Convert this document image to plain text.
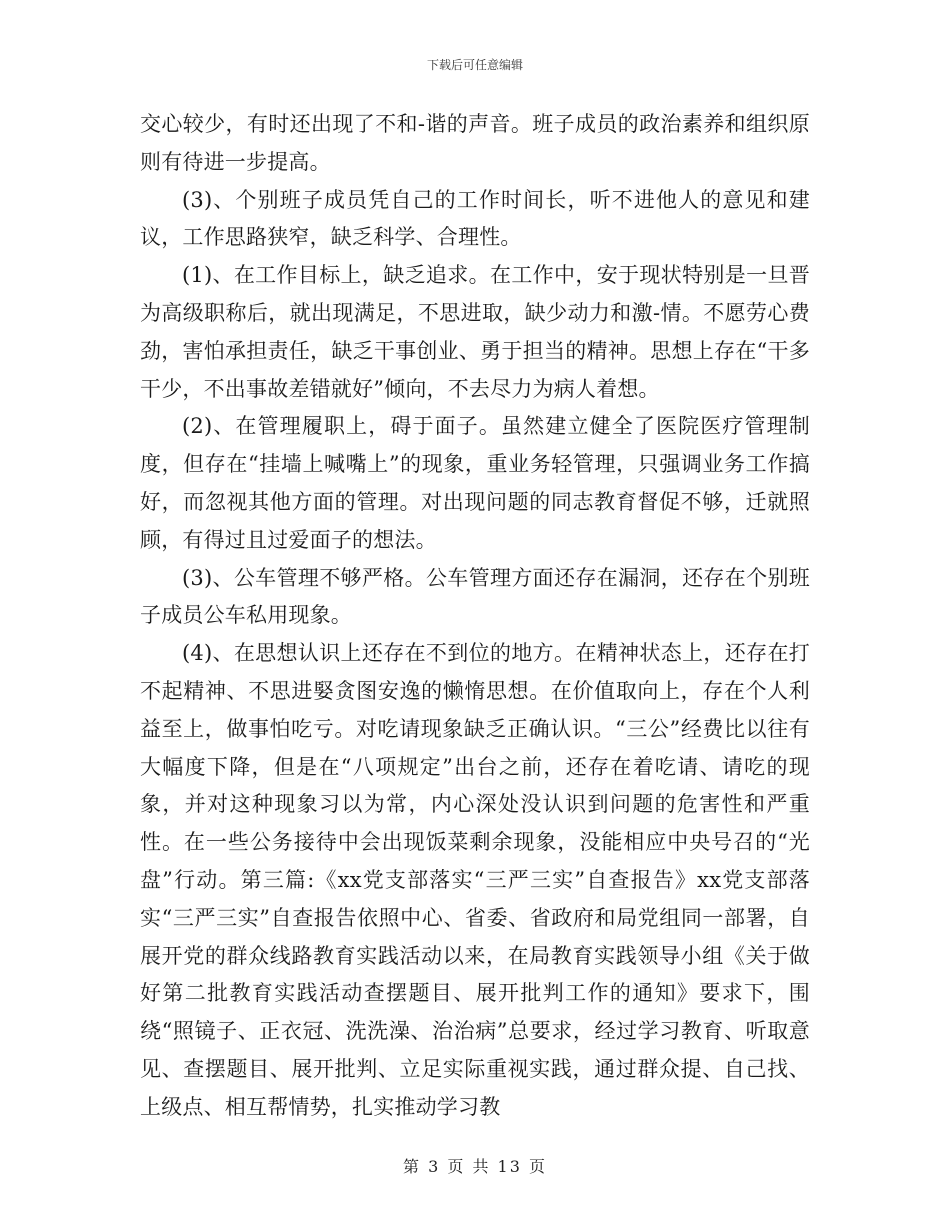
下载后可任意编辑

交心较少，有时还出现了不和-谐的声音。班子成员的政治素养和组织原则有待进一步提高。

(3)、个别班子成员凭自己的工作时间长，听不进他人的意见和建议，工作思路狭窄，缺乏科学、合理性。

(1)、在工作目标上，缺乏追求。在工作中，安于现状特别是一旦晋为高级职称后，就出现满足，不思进取，缺少动力和激-情。不愿劳心费劲，害怕承担责任，缺乏干事创业、勇于担当的精神。思想上存在“干多干少，不出事故差错就好”倾向，不去尽力为病人着想。

(2)、在管理履职上，碍于面子。虽然建立健全了医院医疗管理制度，但存在“挂墙上喊嘴上”的现象，重业务轻管理，只强调业务工作搞好，而忽视其他方面的管理。对出现问题的同志教育督促不够，迁就照顾，有得过且过爱面子的想法。

(3)、公车管理不够严格。公车管理方面还存在漏洞，还存在个别班子成员公车私用现象。

(4)、在思想认识上还存在不到位的地方。在精神状态上，还存在打不起精神、不思进婜贪图安逸的懒惰思想。在价值取向上，存在个人利益至上，做事怕吃亏。对吃请现象缺乏正确认识。“三公”经费比以往有大幅度下降，但是在“八项规定”出台之前，还存在着吃请、请吃的现象，并对这种现象习以为常，内心深处没认识到问题的危害性和严重性。在一些公务接待中会出现饭菜剩余现象，没能相应中央号召的“光盘”行动。第三篇:《xx党支部落实“三严三实”自查报告》xx党支部落实“三严三实”自查报告依照中心、省委、省政府和局党组同一部署，自展开党的群众线路教育实践活动以来，在局教育实践领导小组《关于做好第二批教育实践活动查摆题目、展开批判工作的通知》要求下，围绕“照镜子、正衣冠、洗洗澡、治治病”总要求，经过学习教育、听取意见、查摆题目、展开批判、立足实际重视实践，通过群众提、自己找、上级点、相互帮情势，扎实推动学习教

第 3 页 共 13 页
